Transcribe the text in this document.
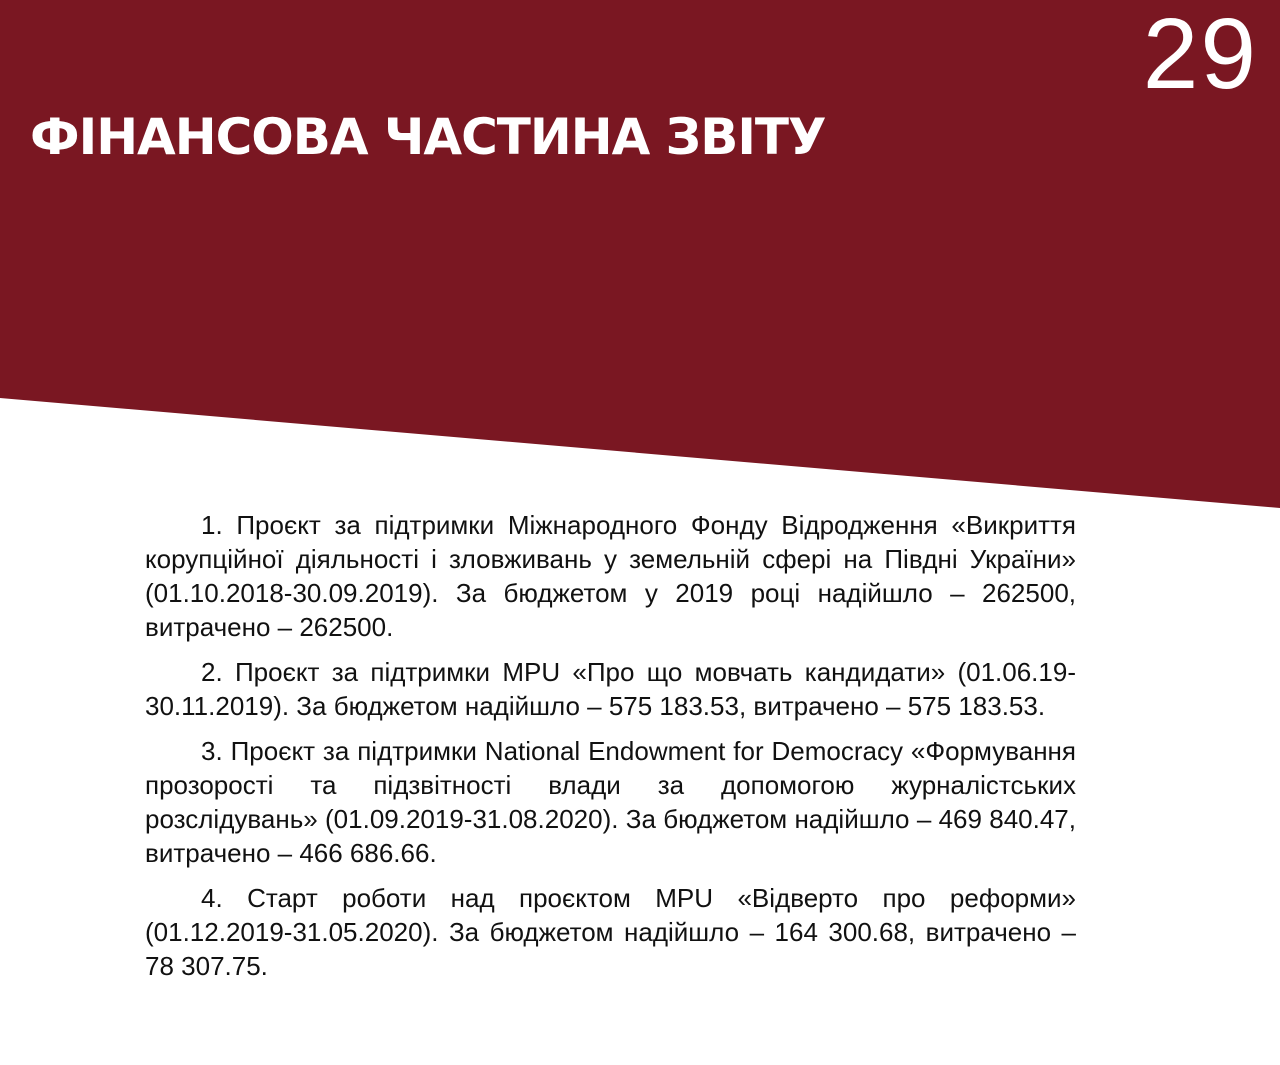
29
ФІНАНСОВА ЧАСТИНА ЗВІТУ

1. Проєкт за підтримки Міжнародного Фонду Відродження «Викриття корупційної діяльності і зловживань у земельній сфері на Півдні України» (01.10.2018-30.09.2019). За бюджетом у 2019 році надійшло – 262500, витрачено – 262500.

2. Проєкт за підтримки МРU «Про що мовчать кандидати» (01.06.19-30.11.2019). За бюджетом надійшло – 575 183.53, витрачено – 575 183.53.

3. Проєкт за підтримки National Endowment for Democracy «Формування прозорості та підзвітності влади за допомогою журналістських розслідувань» (01.09.2019-31.08.2020). За бюджетом надійшло – 469 840.47, витрачено – 466 686.66.

4. Старт роботи над проєктом МРU «Відверто про реформи» (01.12.2019-31.05.2020). За бюджетом надійшло – 164 300.68, витрачено – 78 307.75.
